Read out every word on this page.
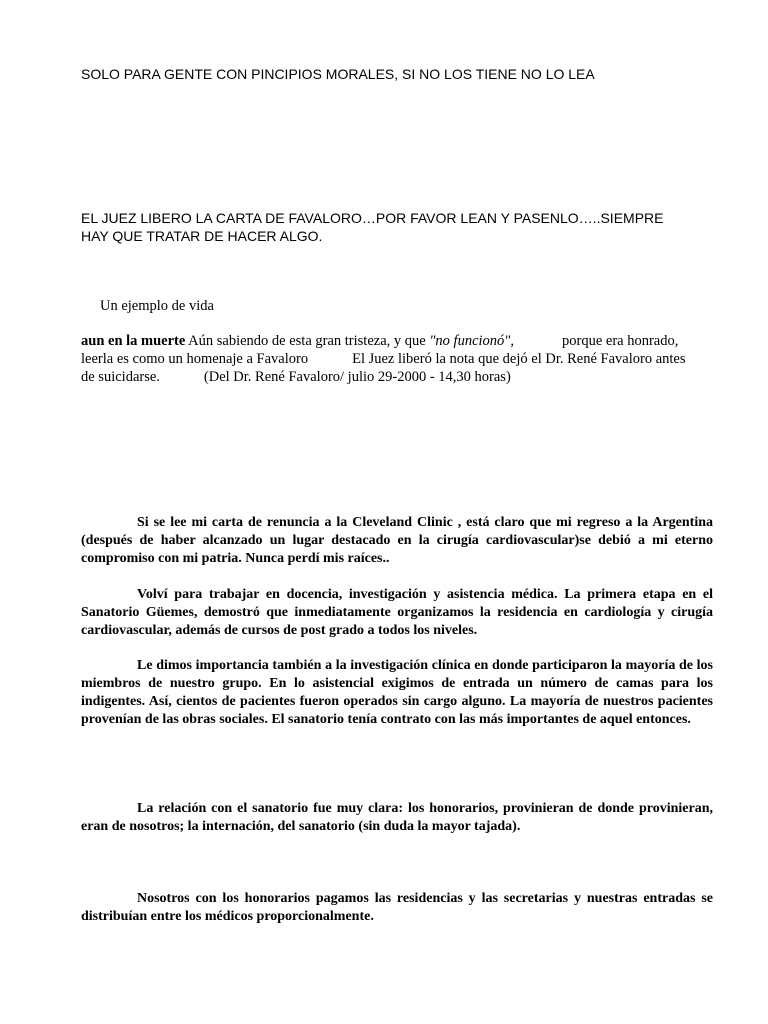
SOLO PARA GENTE CON PINCIPIOS MORALES, SI NO LOS TIENE NO LO LEA
EL JUEZ LIBERO LA CARTA DE FAVALORO…POR FAVOR LEAN Y PASENLO…..SIEMPRE
HAY QUE TRATAR DE HACER ALGO.
Un ejemplo de vida
aun en la muerte Aún sabiendo de esta gran tristeza, y que "no funcionó",	porque era honrado,
leerla es como un homenaje a Favaloro	El Juez liberó la nota que dejó el Dr. René Favaloro antes
de suicidarse.	(Del Dr. René Favaloro/ julio 29-2000 - 14,30 horas)
Si se lee mi carta de renuncia a la Cleveland Clinic , está claro que mi regreso a la Argentina (después de haber alcanzado un lugar destacado en la cirugía cardiovascular)se debió a mi eterno compromiso con mi patria. Nunca perdí mis raíces..
Volví para trabajar en docencia, investigación y asistencia médica. La primera etapa en el Sanatorio Güemes, demostró que inmediatamente organizamos la residencia en cardiología y cirugía cardiovascular, además de cursos de post grado a todos los niveles.
Le dimos importancia también a la investigación clínica en donde participaron la mayoría de los miembros de nuestro grupo. En lo asistencial exigimos de entrada un número de camas para los indigentes. Así, cientos de pacientes fueron operados sin cargo alguno. La mayoría de nuestros pacientes provenían de las obras sociales. El sanatorio tenía contrato con las más importantes de aquel entonces.
La relación con el sanatorio fue muy clara: los honorarios, provinieran de donde provinieran, eran de nosotros; la internación, del sanatorio (sin duda la mayor tajada).
Nosotros con los honorarios pagamos las residencias y las secretarias y nuestras entradas se distribuían entre los médicos proporcionalmente.
